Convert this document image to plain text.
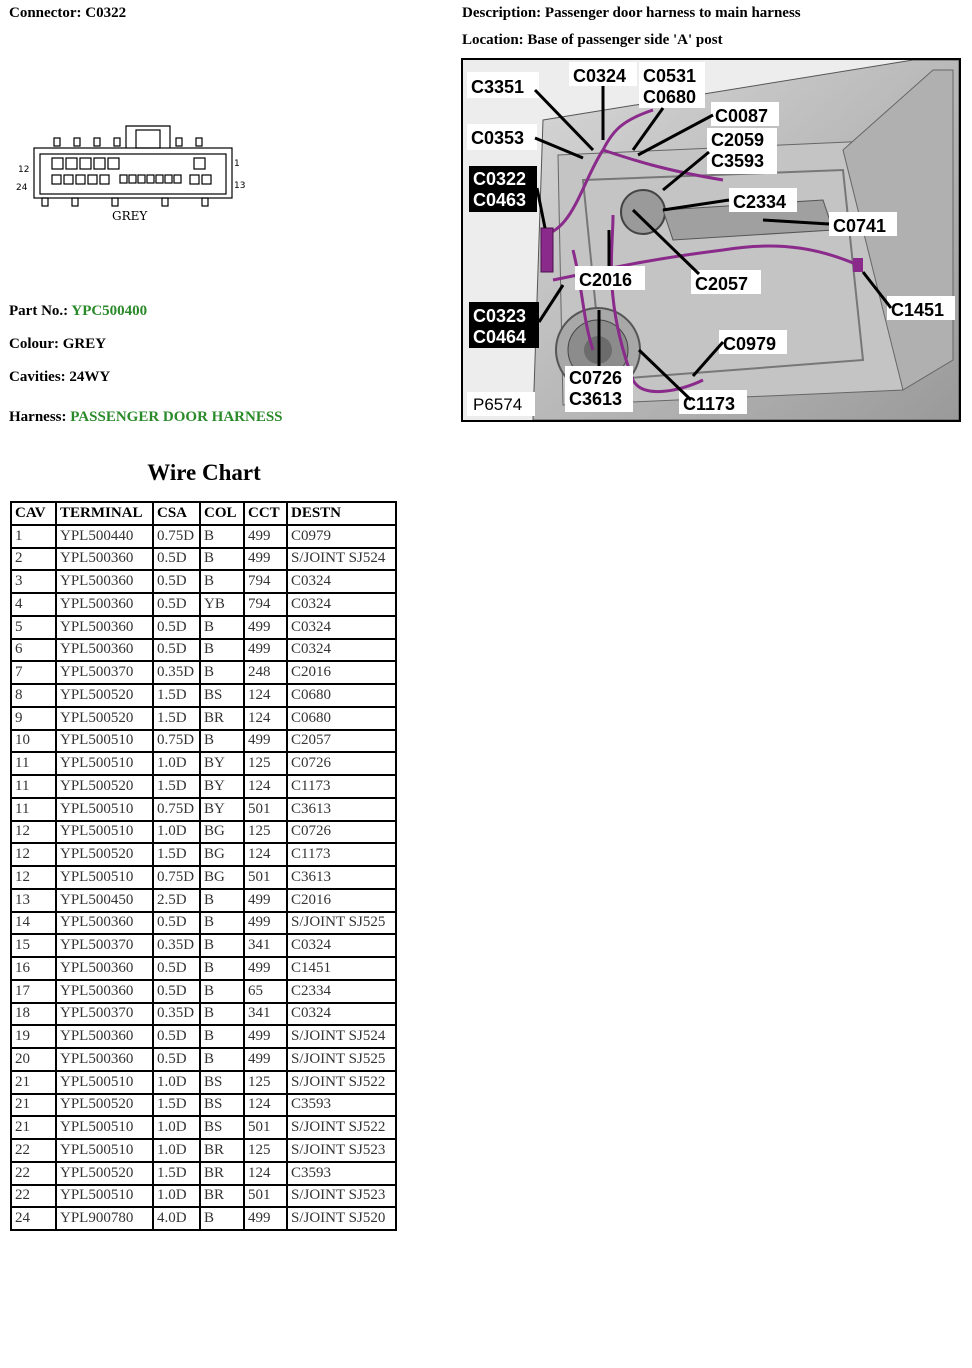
Connector: C0322	Description: Passenger door harness to main harness
Location: Base of passenger side 'A' post
12
1
24	13
GREY
Part No.: YPC500400
Colour: GREY
Cavities: 24WY
Harness: PASSENGER DOOR HARNESS
C3351
C0324 C0531
C0680
C0087
C0353	C2059
C3593
C0322
C0463	C2334
C0741
C2016	C2057
C0323
C0464
C1451
C0979
C0726
C3613	C1173
P6574
Wire Chart
CAV	TERMINAL	CSA	COL	CCT	DESTN
1	YPL500440	0.75D	B	499	C0979
2	YPL500360	0.5D	B	499	S/JOINT SJ524
3	YPL500360	0.5D	B	794	C0324
4	YPL500360	0.5D	YB	794	C0324
5	YPL500360	0.5D	B	499	C0324
6	YPL500360	0.5D	B	499	C0324
7	YPL500370	0.35D	B	248	C2016
8	YPL500520	1.5D	BS	124	C0680
9	YPL500520	1.5D	BR	124	C0680
10	YPL500510	0.75D	B	499	C2057
11	YPL500510	1.0D	BY	125	C0726
11	YPL500520	1.5D	BY	124	C1173
11	YPL500510	0.75D	BY	501	C3613
12	YPL500510	1.0D	BG	125	C0726
12	YPL500520	1.5D	BG	124	C1173
12	YPL500510	0.75D	BG	501	C3613
13	YPL500450	2.5D	B	499	C2016
14	YPL500360	0.5D	B	499	S/JOINT SJ525
15	YPL500370	0.35D	B	341	C0324
16	YPL500360	0.5D	B	499	C1451
17	YPL500360	0.5D	B	65	C2334
18	YPL500370	0.35D	B	341	C0324
19	YPL500360	0.5D	B	499	S/JOINT SJ524
20	YPL500360	0.5D	B	499	S/JOINT SJ525
21	YPL500510	1.0D	BS	125	S/JOINT SJ522
21	YPL500520	1.5D	BS	124	C3593
21	YPL500510	1.0D	BS	501	S/JOINT SJ522
22	YPL500510	1.0D	BR	125	S/JOINT SJ523
22	YPL500520	1.5D	BR	124	C3593
22	YPL500510	1.0D	BR	501	S/JOINT SJ523
24	YPL900780	4.0D	B	499	S/JOINT SJ520
